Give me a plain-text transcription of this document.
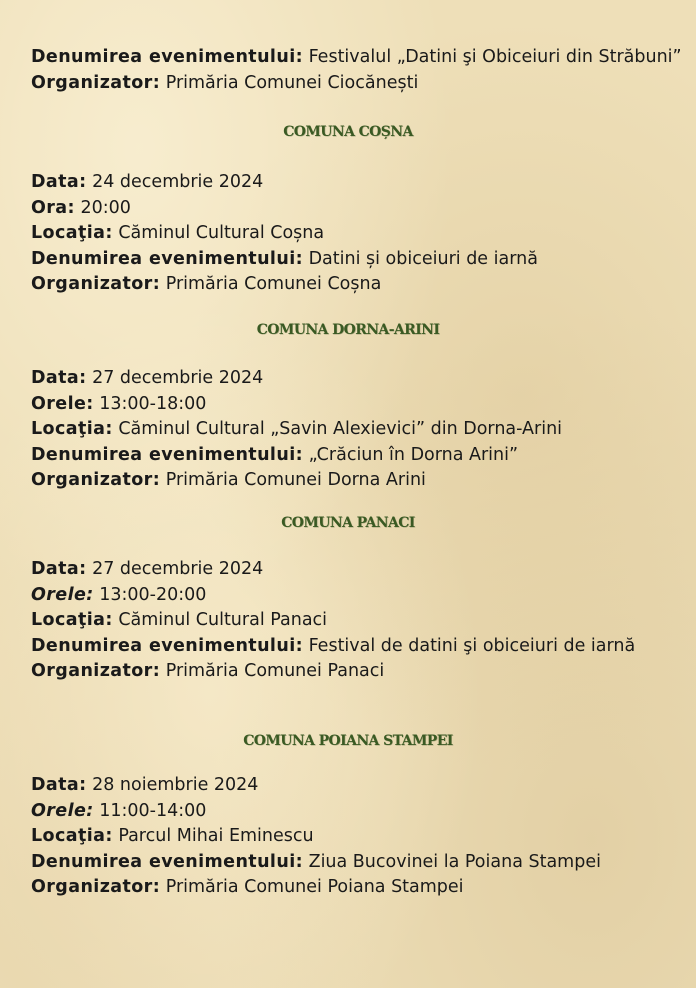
Denumirea evenimentului: Festivalul „Datini şi Obiceiuri din Străbuni”
Organizator: Primăria Comunei Ciocănești
COMUNA COȘNA
Data: 24 decembrie 2024
Ora: 20:00
Locaţia: Căminul Cultural Coșna
Denumirea evenimentului: Datini și obiceiuri de iarnă
Organizator: Primăria Comunei Coșna
COMUNA DORNA-ARINI
Data: 27 decembrie 2024
Orele: 13:00-18:00
Locaţia: Căminul Cultural „Savin Alexievici” din Dorna-Arini
Denumirea evenimentului: „Crăciun în Dorna Arini”
Organizator: Primăria Comunei Dorna Arini
COMUNA PANACI
Data: 27 decembrie 2024
Orele: 13:00-20:00
Locaţia: Căminul Cultural Panaci
Denumirea evenimentului: Festival de datini şi obiceiuri de iarnă
Organizator: Primăria Comunei Panaci
COMUNA POIANA STAMPEI
Data: 28 noiembrie 2024
Orele: 11:00-14:00
Locaţia: Parcul Mihai Eminescu
Denumirea evenimentului: Ziua Bucovinei la Poiana Stampei
Organizator: Primăria Comunei Poiana Stampei
